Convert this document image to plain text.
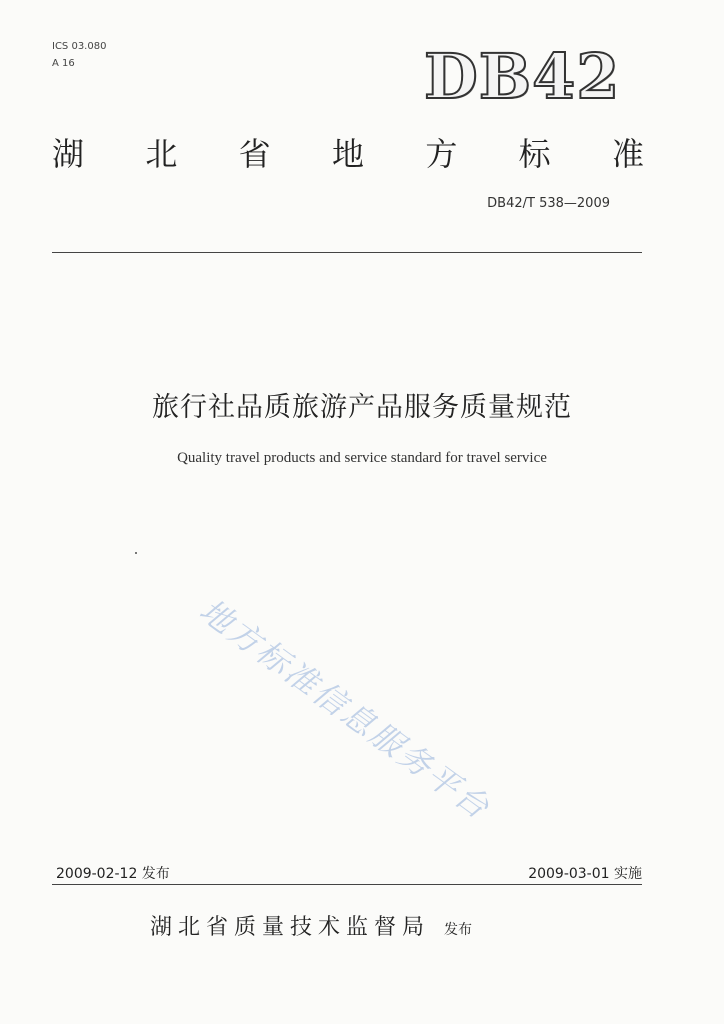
ICS 03.080
A 16	DB42
湖 北 省 地 方 标 准
DB42/T 538—2009
旅行社品质旅游产品服务质量规范
Quality travel products and service standard for travel service
地方标准信息服务平台
2009-02-12 发布	2009-03-01 实施
湖北省质量技术监督局 发布
